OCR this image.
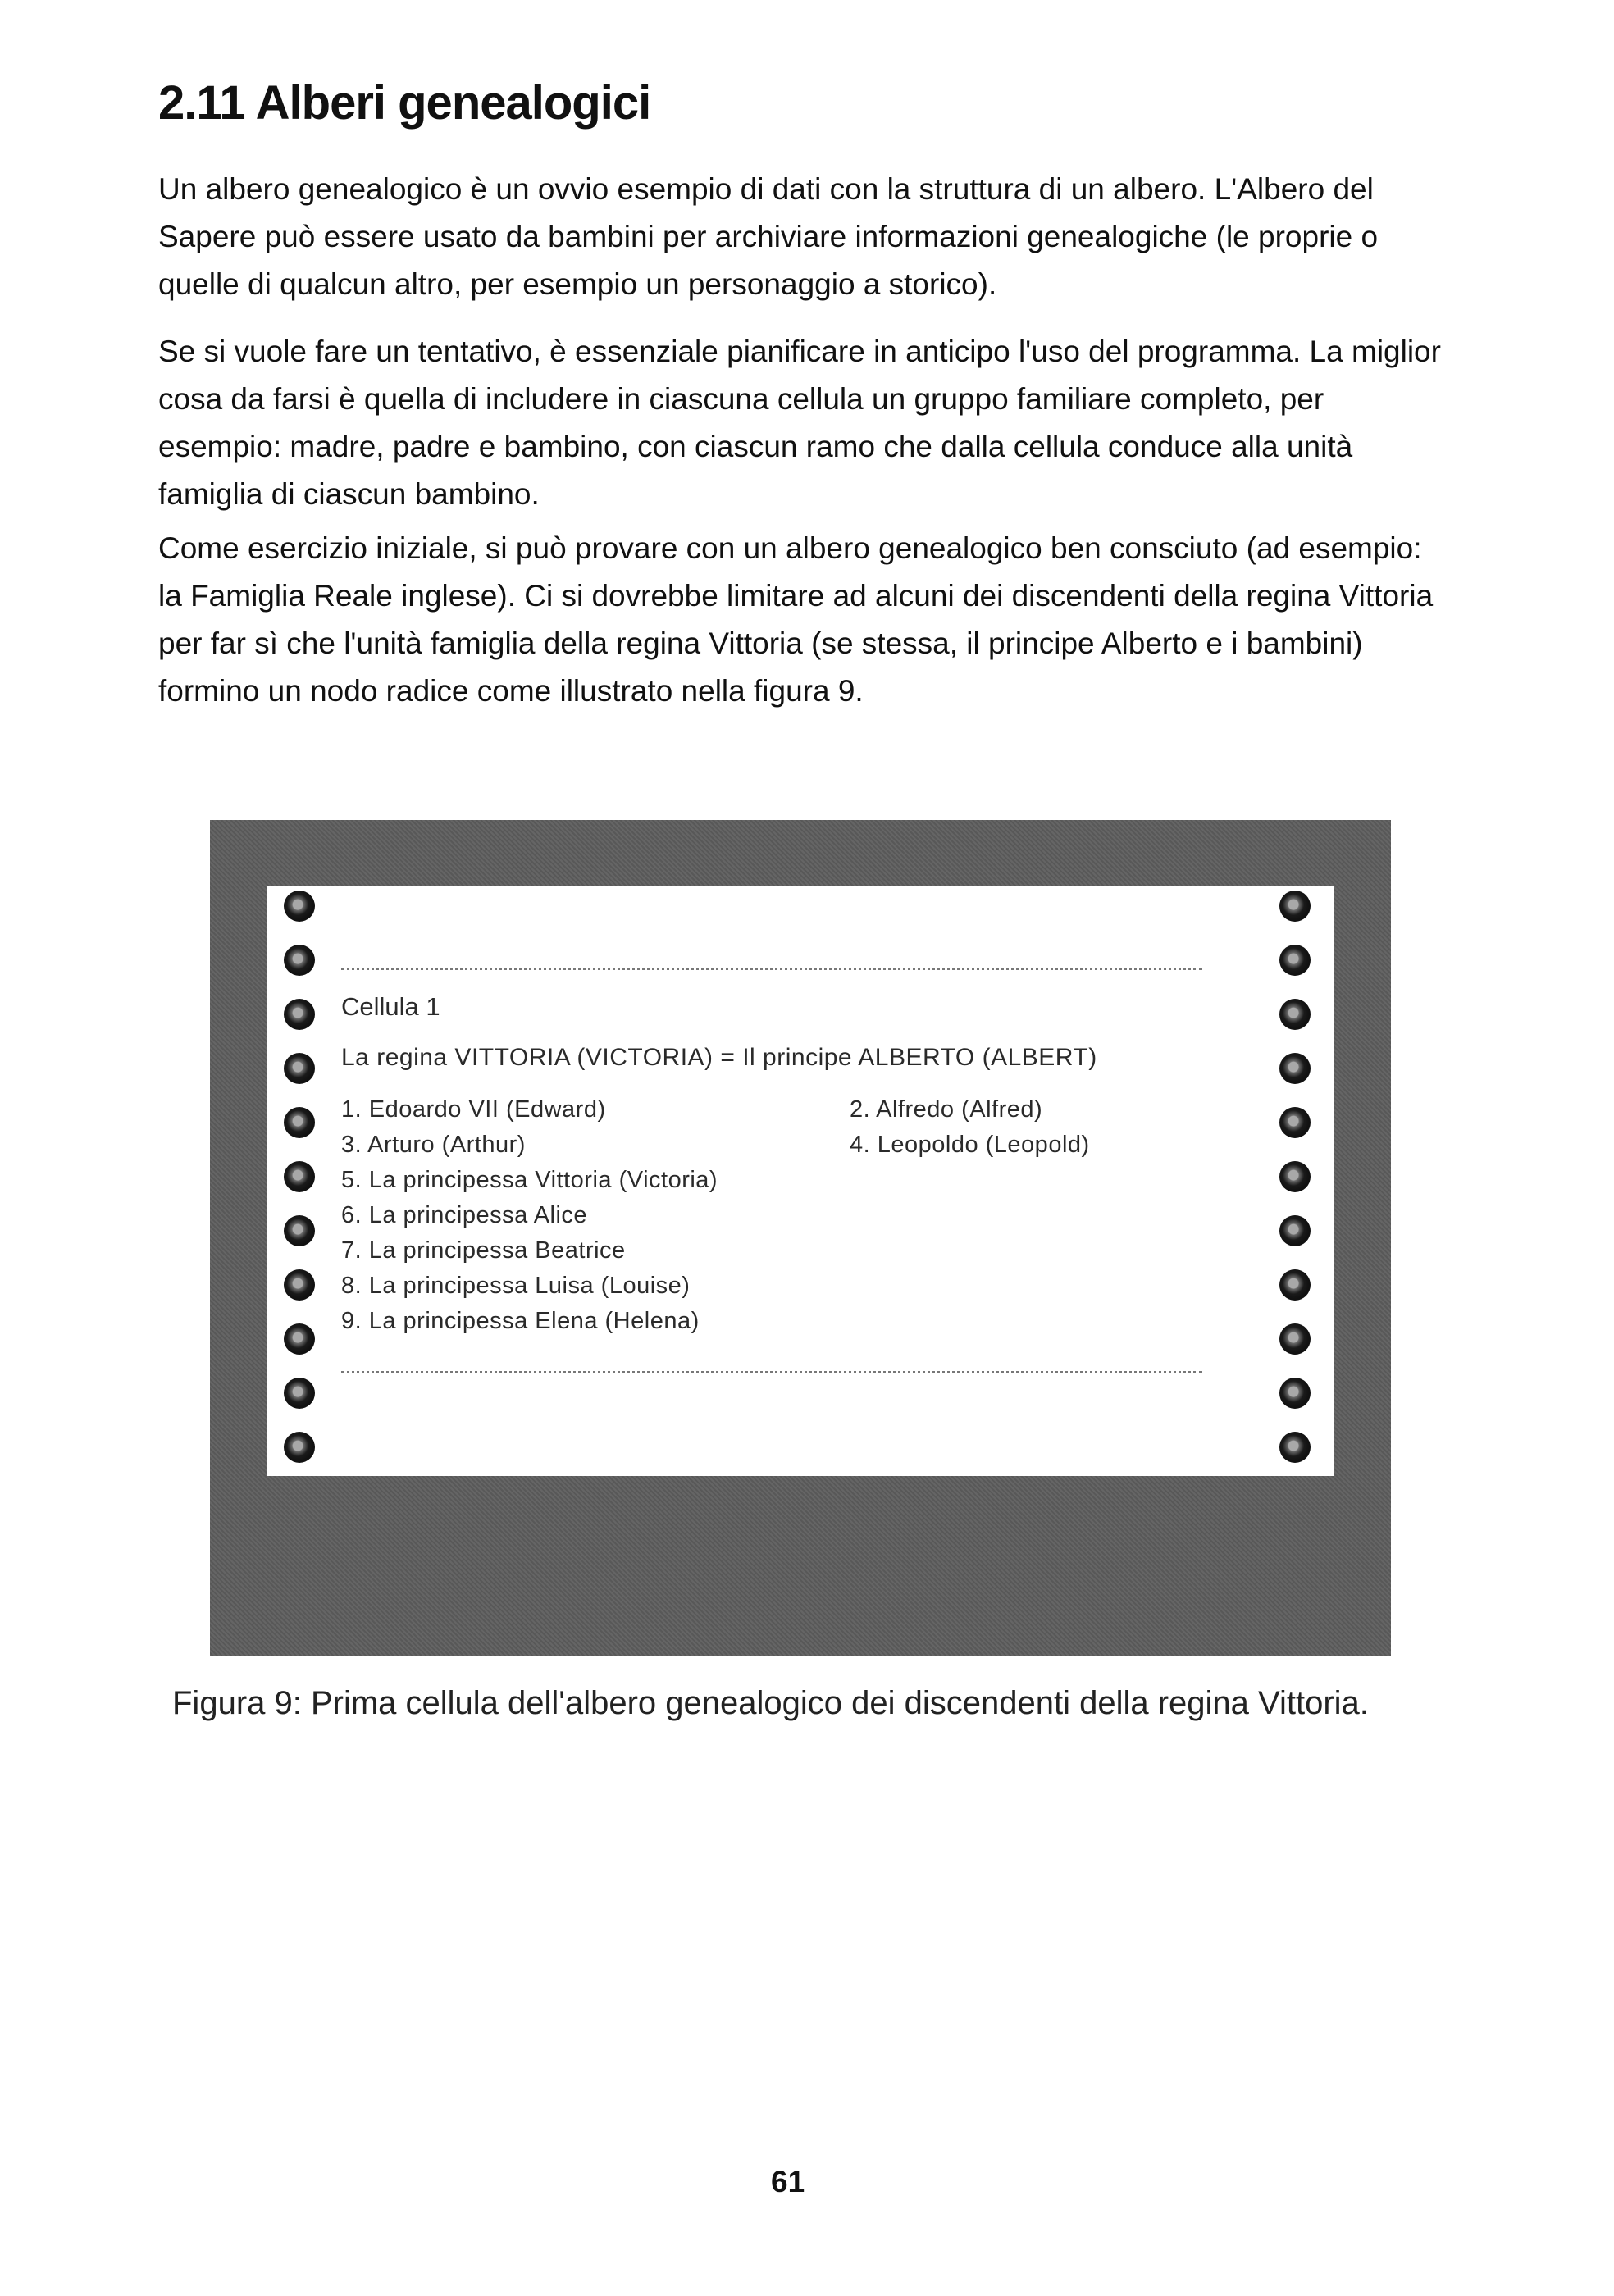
2.11 Alberi genealogici

Un albero genealogico è un ovvio esempio di dati con la struttura di un albero. L'Albero del Sapere può essere usato da bambini per archiviare informazioni genealogiche (le proprie o quelle di qualcun altro, per esempio un personaggio a storico).

Se si vuole fare un tentativo, è essenziale pianificare in anticipo l'uso del programma. La miglior cosa da farsi è quella di includere in ciascuna cellula un gruppo familiare completo, per esempio: madre, padre e bambino, con ciascun ramo che dalla cellula conduce alla unità famiglia di ciascun bambino.

Come esercizio iniziale, si può provare con un albero genealogico ben consciuto (ad esempio: la Famiglia Reale inglese). Ci si dovrebbe limitare ad alcuni dei discendenti della regina Vittoria per far sì che l'unità famiglia della regina Vittoria (se stessa, il principe Alberto e i bambini) formino un nodo radice come illustrato nella figura 9.

Cellula 1
La regina VITTORIA (VICTORIA) = Il principe ALBERTO (ALBERT)
1. Edoardo VII (Edward)	2. Alfredo (Alfred)
3. Arturo (Arthur)	4. Leopoldo (Leopold)
5. La principessa Vittoria (Victoria)
6. La principessa Alice
7. La principessa Beatrice
8. La principessa Luisa (Louise)
9. La principessa Elena (Helena)

Figura 9: Prima cellula dell'albero genealogico dei discendenti della regina Vittoria.

61
